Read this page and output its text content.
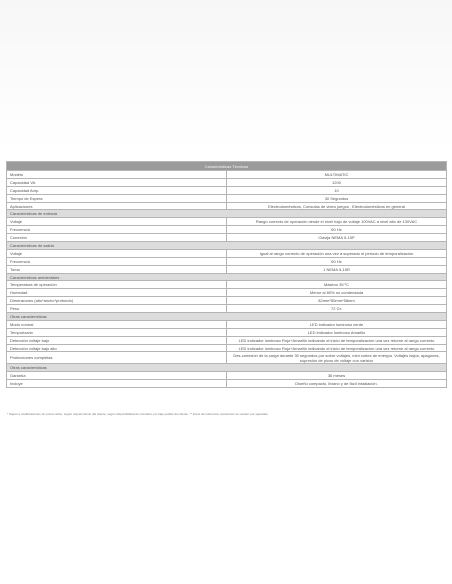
Caracteristicas Técnicas	
Modelo	MULTIMATIC
Capacidad VA	1200
Capacidad Amp.	10
Tiempo de Espera	30 Segundos
Aplicaciones	Electrodomésticos, Consolas de video juegos , Electrodomésticos en general
Características de entrada	
Voltaje	Rango correcto de operación desde el nivel bajo de voltaje 100VAC a nivel alto de 130VAC
Frecuencia	60 Hz
Conexión	Clavija NEMA 5-15P
Características de salida	
Voltaje	Igual al rango correcto de operación una vez a superado el periodo de temporalización
Frecuencia	60 Hz
Toma	1 NEMA 5-15R
Características ambientales	
Temperatura de operación	Máximo 35 ºC
Humedad	Menor al 80% no condensada
Dimensiones (alto*ancho*profundo)	82mm*50mm*58mm
Peso	72 Gr.
Otras características	
Modo normal	LED indicador luminoso verde
Temporizado	LED indicador luminoso Amarillo
Detección voltaje bajo	LED indicador luminoso Rojo+Amarillo indicando el inicio de temporalización una vez retorne al rango correcto
Detección voltaje bajo alto	LED indicador luminoso Rojo+Amarillo indicando el inicio de temporalización una vez retorne al rango correcto
Protecciones completas	Des-conexión de la carga durante 30 segundos por sobre voltajes, mini cortes de energía. Voltajes bajos, apagones, supresión de picos de voltaje con varistor
Otras características	
Garantía	36 meses
Incluye	Diseño compacto, liviano y de fácil instalación.
* Sujeto a modificaciones sin previo aviso, según requerimiento del cliente, según disponibilidad de inventario y/o bajo pedido del cliente. ** Fotos de referencia, accesorios se venden por separado.
